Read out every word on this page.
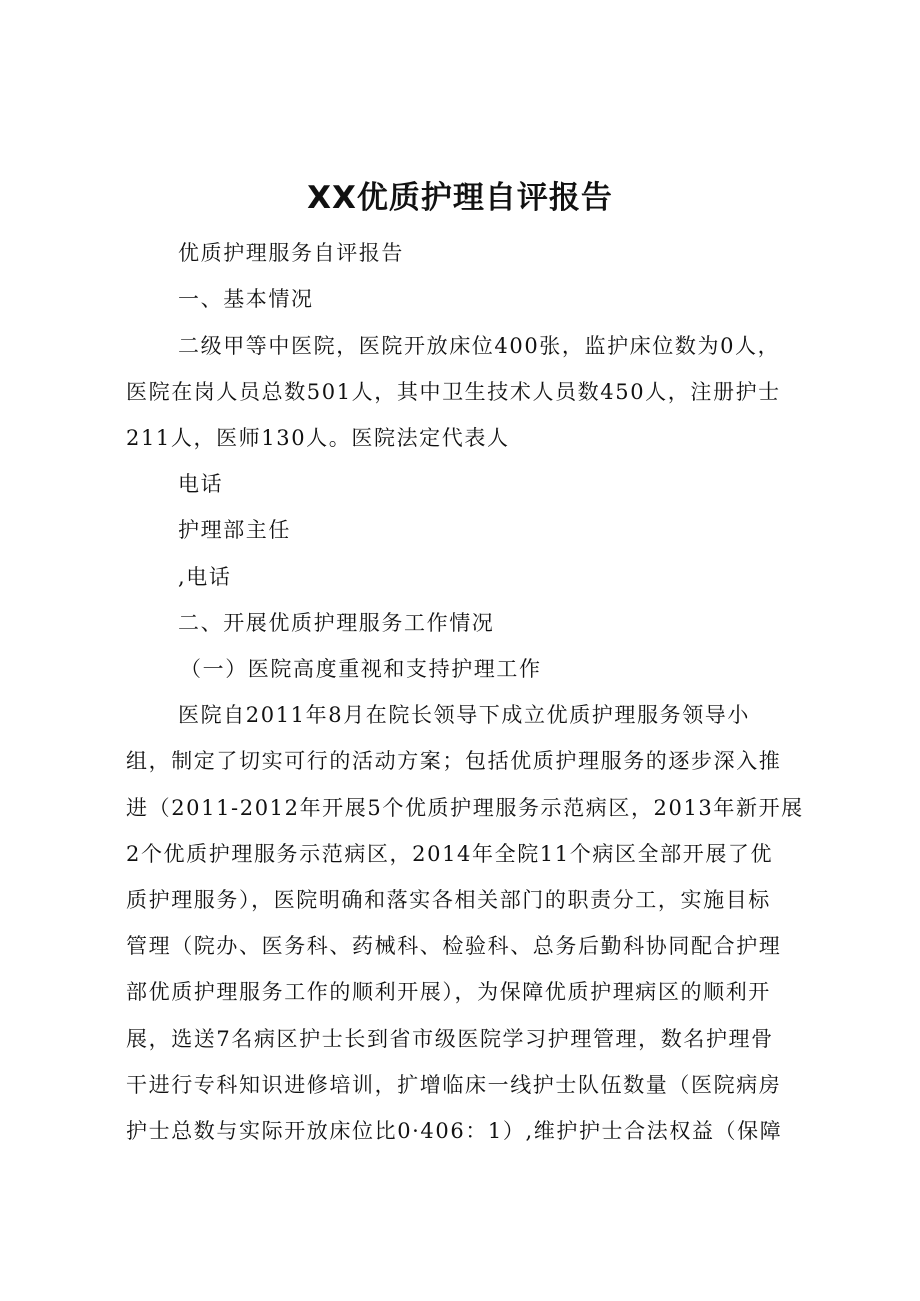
XX优质护理自评报告
优质护理服务自评报告
一、基本情况
二级甲等中医院，医院开放床位400张，监护床位数为0人，
医院在岗人员总数501人，其中卫生技术人员数450人，注册护士
211人，医师130人。医院法定代表人
电话
护理部主任
,电话
二、开展优质护理服务工作情况
（一）医院高度重视和支持护理工作
医院自2011年8月在院长领导下成立优质护理服务领导小
组，制定了切实可行的活动方案；包括优质护理服务的逐步深入推
进（2011-2012年开展5个优质护理服务示范病区，2013年新开展
2个优质护理服务示范病区，2014年全院11个病区全部开展了优
质护理服务），医院明确和落实各相关部门的职责分工，实施目标
管理（院办、医务科、药械科、检验科、总务后勤科协同配合护理
部优质护理服务工作的顺利开展），为保障优质护理病区的顺利开
展，选送7名病区护士长到省市级医院学习护理管理，数名护理骨
干进行专科知识进修培训，扩增临床一线护士队伍数量（医院病房
护士总数与实际开放床位比0·406：1）,维护护士合法权益（保障
